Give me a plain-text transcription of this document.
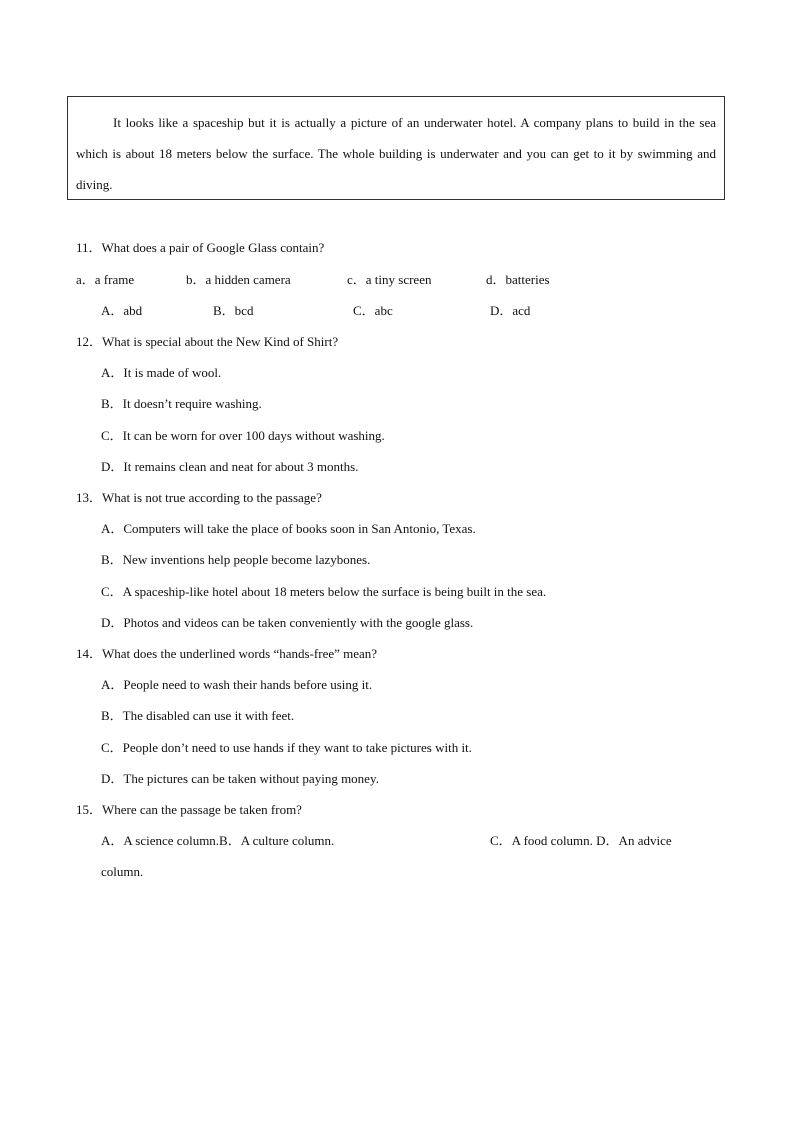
It looks like a spaceship but it is actually a picture of an underwater hotel. A company plans to build in the sea which is about 18 meters below the surface. The whole building is underwater and you can get to it by swimming and diving.

11．What does a pair of Google Glass contain?
a．a frame	b．a hidden camera	c．a tiny screen	d．batteries
A．abd	B．bcd	C．abc	D．acd
12．What is special about the New Kind of Shirt?
A．It is made of wool.
B．It doesn’t require washing.
C．It can be worn for over 100 days without washing.
D．It remains clean and neat for about 3 months.
13．What is not true according to the passage?
A．Computers will take the place of books soon in San Antonio, Texas.
B．New inventions help people become lazybones.
C．A spaceship-like hotel about 18 meters below the surface is being built in the sea.
D．Photos and videos can be taken conveniently with the google glass.
14．What does the underlined words “hands-free” mean?
A．People need to wash their hands before using it.
B．The disabled can use it with feet.
C．People don’t need to use hands if they want to take pictures with it.
D．The pictures can be taken without paying money.
15．Where can the passage be taken from?
A．A science column.B．A culture column.	C．A food column. D．An advice
column.
